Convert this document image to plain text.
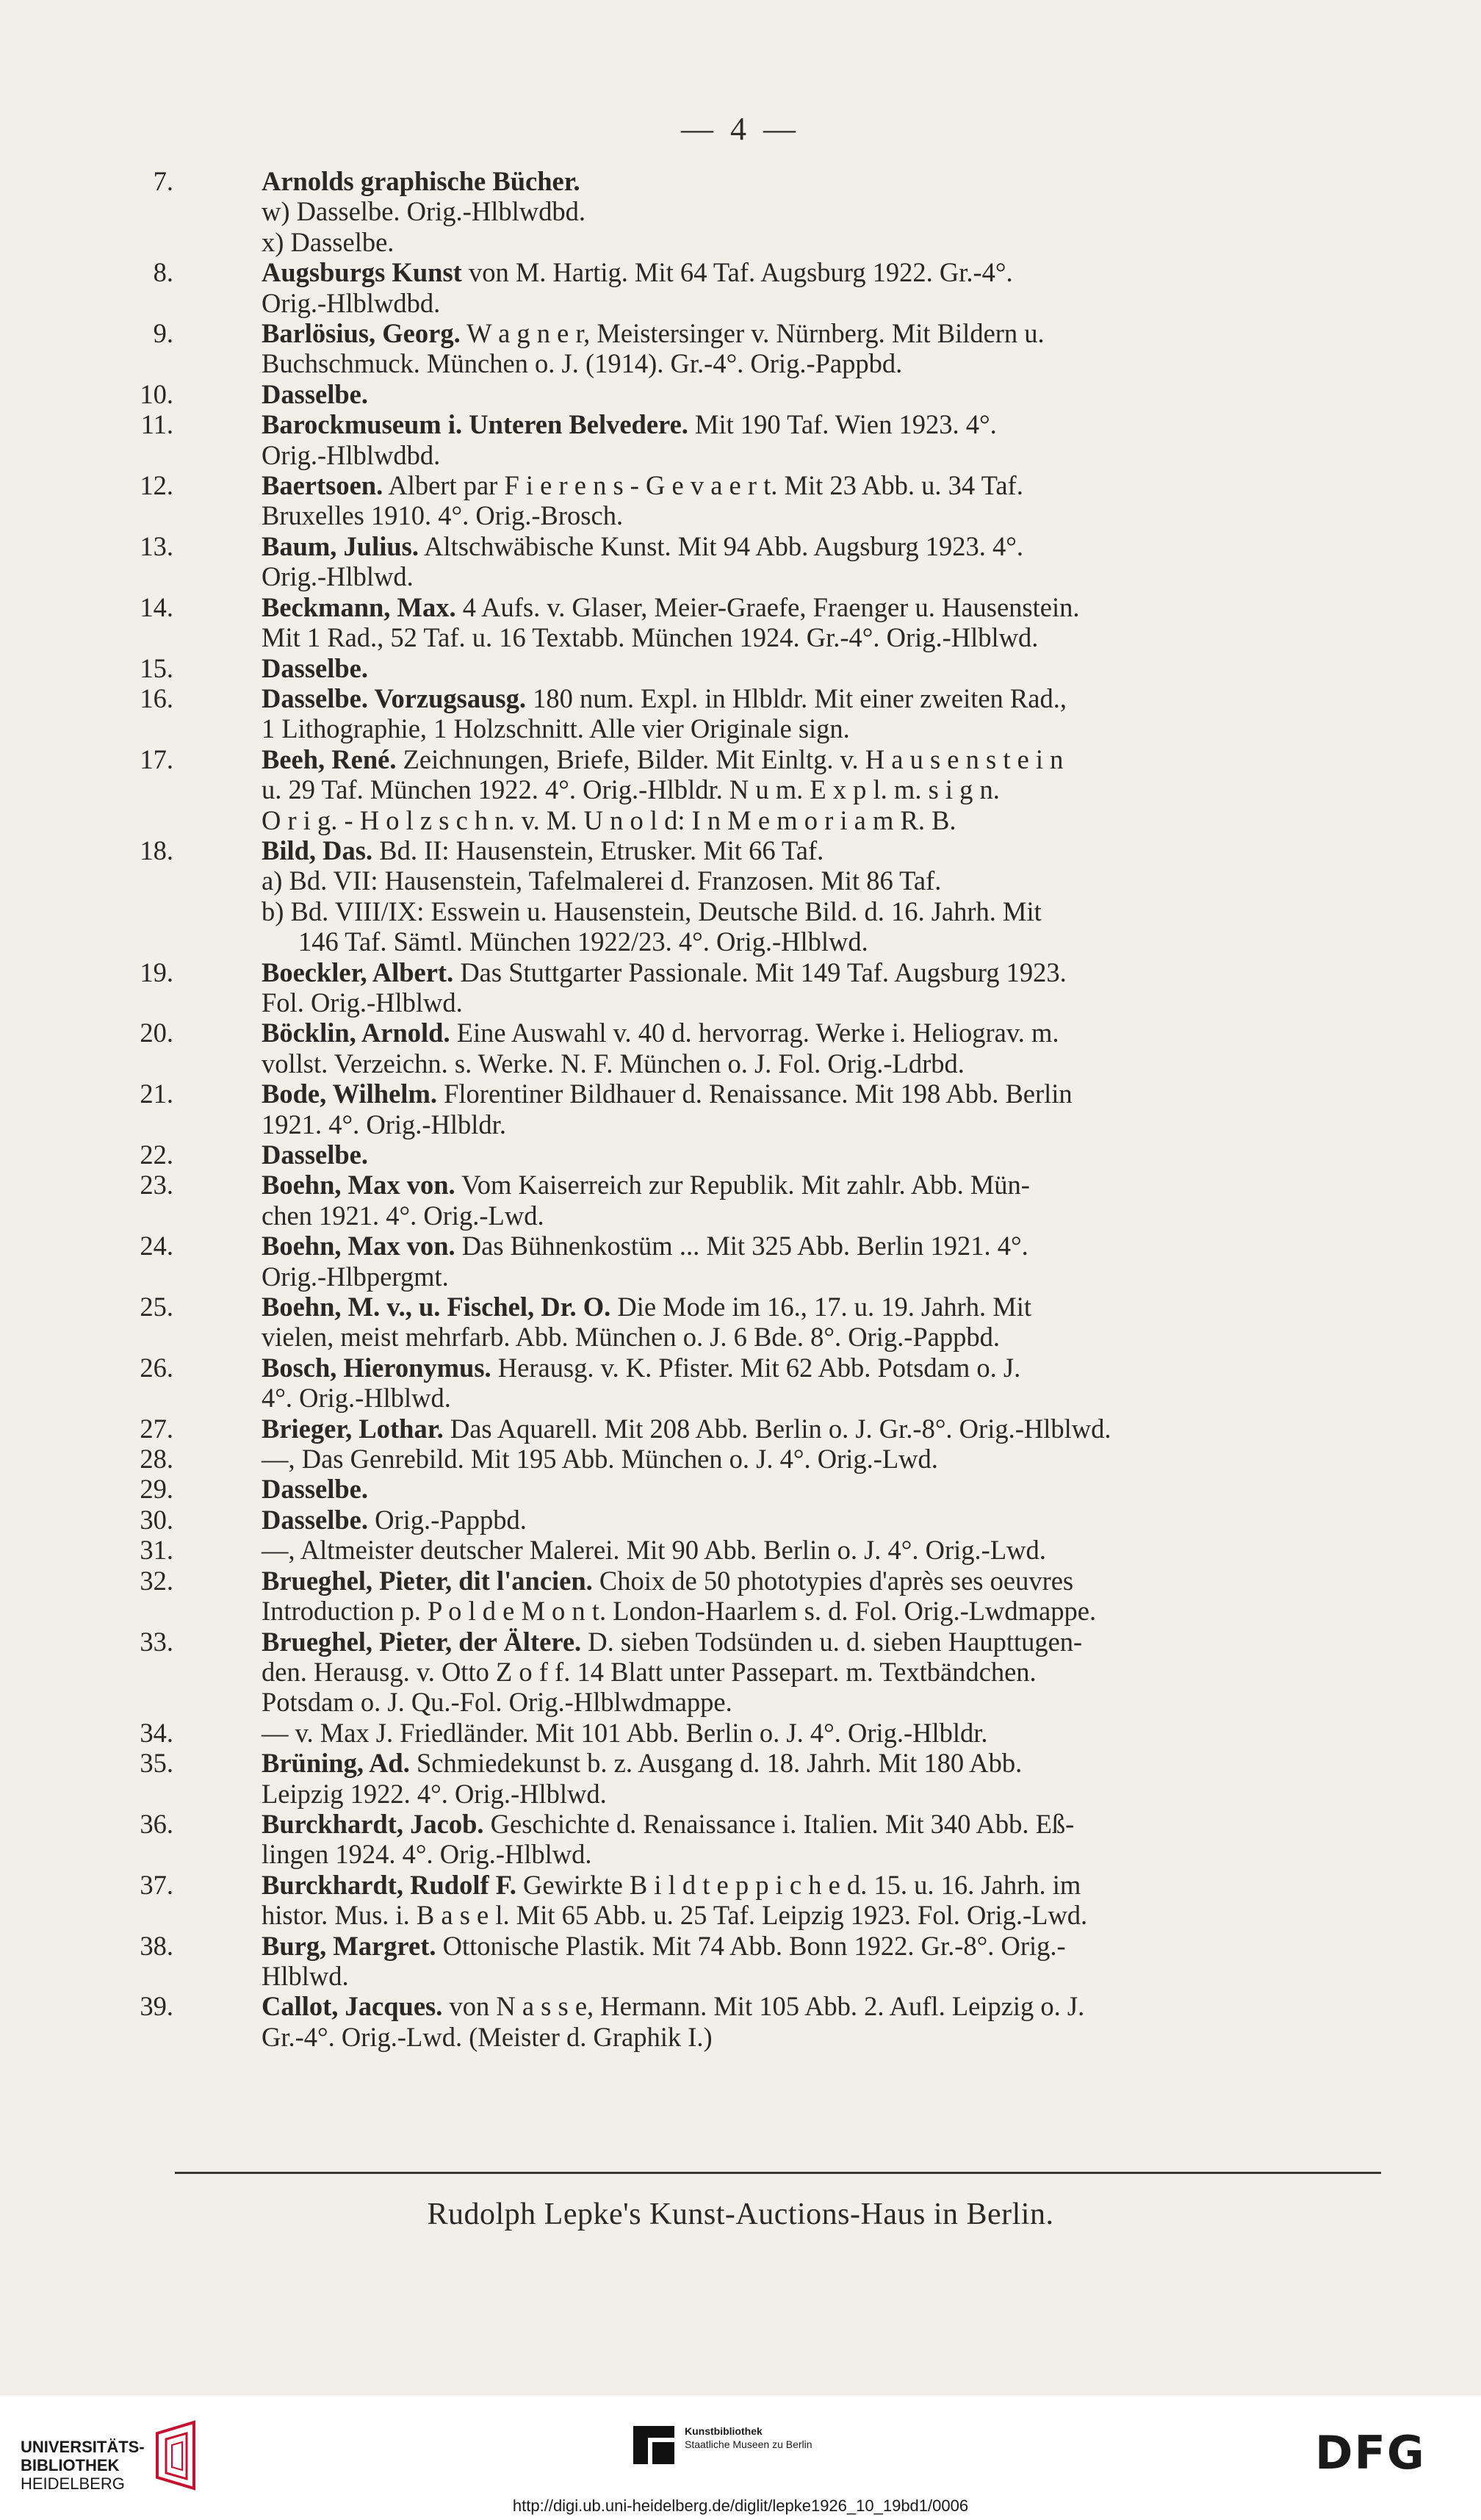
— 4 —
7.	Arnolds graphische Bücher.
w) Dasselbe. Orig.-Hlblwdbd.
x) Dasselbe.
8.	Augsburgs Kunst von M. Hartig. Mit 64 Taf. Augsburg 1922. Gr.-4°.
Orig.-Hlblwdbd.
9.	Barlösius, Georg. W a g n e r, Meistersinger v. Nürnberg. Mit Bildern u.
Buchschmuck. München o. J. (1914). Gr.-4°. Orig.-Pappbd.
10.	Dasselbe.
11.	Barockmuseum i. Unteren Belvedere. Mit 190 Taf. Wien 1923. 4°.
Orig.-Hlblwdbd.
12.	Baertsoen. Albert par F i e r e n s - G e v a e r t. Mit 23 Abb. u. 34 Taf.
Bruxelles 1910. 4°. Orig.-Brosch.
13.	Baum, Julius. Altschwäbische Kunst. Mit 94 Abb. Augsburg 1923. 4°.
Orig.-Hlblwd.
14.	Beckmann, Max. 4 Aufs. v. Glaser, Meier-Graefe, Fraenger u. Hausenstein.
Mit 1 Rad., 52 Taf. u. 16 Textabb. München 1924. Gr.-4°. Orig.-Hlblwd.
15.	Dasselbe.
16.	Dasselbe. Vorzugsausg. 180 num. Expl. in Hlbldr. Mit einer zweiten Rad.,
1 Lithographie, 1 Holzschnitt. Alle vier Originale sign.
17.	Beeh, René. Zeichnungen, Briefe, Bilder. Mit Einltg. v. H a u s e n s t e i n
u. 29 Taf. München 1922. 4°. Orig.-Hlbldr. N u m. E x p l. m. s i g n.
O r i g. - H o l z s c h n. v. M. U n o l d: I n M e m o r i a m R. B.
18.	Bild, Das. Bd. II: Hausenstein, Etrusker. Mit 66 Taf.
a) Bd. VII: Hausenstein, Tafelmalerei d. Franzosen. Mit 86 Taf.
b) Bd. VIII/IX: Esswein u. Hausenstein, Deutsche Bild. d. 16. Jahrh. Mit
146 Taf. Sämtl. München 1922/23. 4°. Orig.-Hlblwd.
19.	Boeckler, Albert. Das Stuttgarter Passionale. Mit 149 Taf. Augsburg 1923.
Fol. Orig.-Hlblwd.
20.	Böcklin, Arnold. Eine Auswahl v. 40 d. hervorrag. Werke i. Heliograv. m.
vollst. Verzeichn. s. Werke. N. F. München o. J. Fol. Orig.-Ldrbd.
21.	Bode, Wilhelm. Florentiner Bildhauer d. Renaissance. Mit 198 Abb. Berlin
1921. 4°. Orig.-Hlbldr.
22.	Dasselbe.
23.	Boehn, Max von. Vom Kaiserreich zur Republik. Mit zahlr. Abb. Mün-
chen 1921. 4°. Orig.-Lwd.
24.	Boehn, Max von. Das Bühnenkostüm ... Mit 325 Abb. Berlin 1921. 4°.
Orig.-Hlbpergmt.
25.	Boehn, M. v., u. Fischel, Dr. O. Die Mode im 16., 17. u. 19. Jahrh. Mit
vielen, meist mehrfarb. Abb. München o. J. 6 Bde. 8°. Orig.-Pappbd.
26.	Bosch, Hieronymus. Herausg. v. K. Pfister. Mit 62 Abb. Potsdam o. J.
4°. Orig.-Hlblwd.
27.	Brieger, Lothar. Das Aquarell. Mit 208 Abb. Berlin o. J. Gr.-8°. Orig.-Hlblwd.
28.	—, Das Genrebild. Mit 195 Abb. München o. J. 4°. Orig.-Lwd.
29.	Dasselbe.
30.	Dasselbe. Orig.-Pappbd.
31.	—, Altmeister deutscher Malerei. Mit 90 Abb. Berlin o. J. 4°. Orig.-Lwd.
32.	Brueghel, Pieter, dit l'ancien. Choix de 50 phototypies d'après ses oeuvres
Introduction p. P o l d e M o n t. London-Haarlem s. d. Fol. Orig.-Lwdmappe.
33.	Brueghel, Pieter, der Ältere. D. sieben Todsünden u. d. sieben Haupttugen-
den. Herausg. v. Otto Z o f f. 14 Blatt unter Passepart. m. Textbändchen.
Potsdam o. J. Qu.-Fol. Orig.-Hlblwdmappe.
34.	— v. Max J. Friedländer. Mit 101 Abb. Berlin o. J. 4°. Orig.-Hlbldr.
35.	Brüning, Ad. Schmiedekunst b. z. Ausgang d. 18. Jahrh. Mit 180 Abb.
Leipzig 1922. 4°. Orig.-Hlblwd.
36.	Burckhardt, Jacob. Geschichte d. Renaissance i. Italien. Mit 340 Abb. Eß-
lingen 1924. 4°. Orig.-Hlblwd.
37.	Burckhardt, Rudolf F. Gewirkte B i l d t e p p i c h e d. 15. u. 16. Jahrh. im
histor. Mus. i. B a s e l. Mit 65 Abb. u. 25 Taf. Leipzig 1923. Fol. Orig.-Lwd.
38.	Burg, Margret. Ottonische Plastik. Mit 74 Abb. Bonn 1922. Gr.-8°. Orig.-
Hlblwd.
39.	Callot, Jacques. von N a s s e, Hermann. Mit 105 Abb. 2. Aufl. Leipzig o. J.
Gr.-4°. Orig.-Lwd. (Meister d. Graphik I.)
Rudolph Lepke's Kunst-Auctions-Haus in Berlin.
UNIVERSITÄTS-
BIBLIOTHEK
HEIDELBERG
Kunstbibliothek
Staatliche Museen zu Berlin	DFG
http://digi.ub.uni-heidelberg.de/diglit/lepke1926_10_19bd1/0006
